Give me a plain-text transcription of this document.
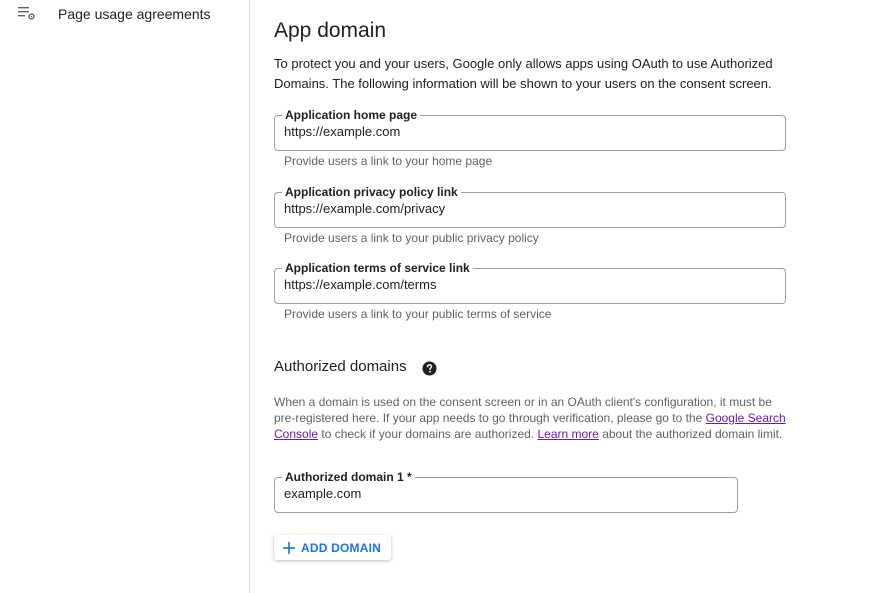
Page usage agreements
App domain

To protect you and your users, Google only allows apps using OAuth to use Authorized Domains. The following information will be shown to your users on the consent screen.

Application home page
https://example.com
Provide users a link to your home page
Application privacy policy link
https://example.com/privacy
Provide users a link to your public privacy policy
Application terms of service link
https://example.com/terms
Provide users a link to your public terms of service
Authorized domains

When a domain is used on the consent screen or in an OAuth client's configuration, it must be pre-registered here. If your app needs to go through verification, please go to the Google Search Console to check if your domains are authorized. Learn more about the authorized domain limit.

Authorized domain 1 *
example.com
ADD DOMAIN
